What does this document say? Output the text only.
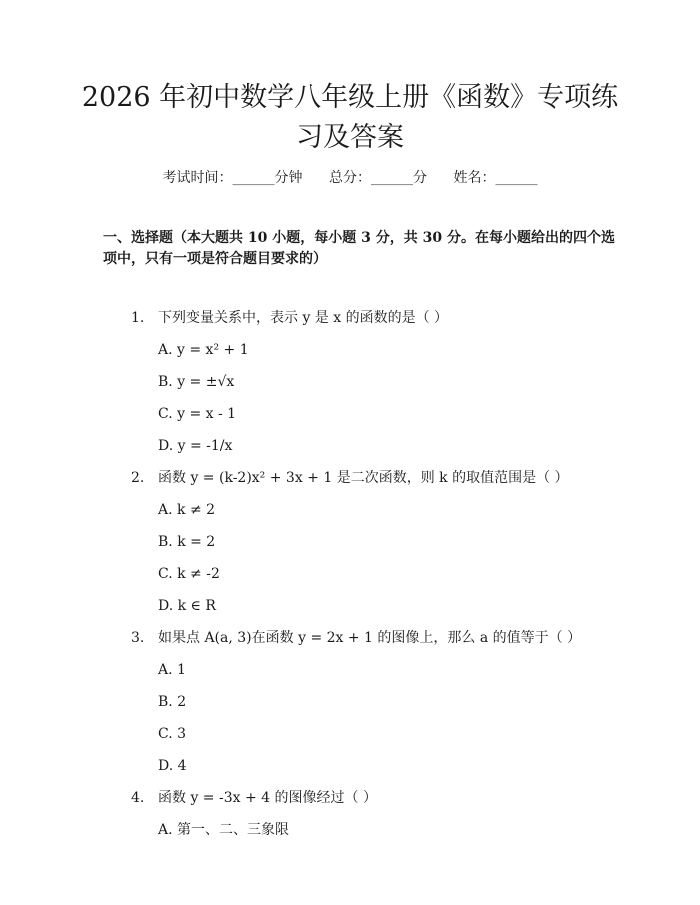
2026 年初中数学八年级上册《函数》专项练习及答案
考试时间：______分钟 总分：______分 姓名：______
一、选择题（本大题共 10 小题，每小题 3 分，共 30 分。在每小题给出的四个选项中，只有一项是符合题目要求的）
1. 下列变量关系中，表示 y 是 x 的函数的是（ ）
A. y = x² + 1
B. y = ±√x
C. y = x - 1
D. y = -1/x
2. 函数 y = (k-2)x² + 3x + 1 是二次函数，则 k 的取值范围是（ ）
A. k ≠ 2
B. k = 2
C. k ≠ -2
D. k ∈ R
3. 如果点 A(a, 3)在函数 y = 2x + 1 的图像上，那么 a 的值等于（ ）
A. 1
B. 2
C. 3
D. 4
4. 函数 y = -3x + 4 的图像经过（ ）
A. 第一、二、三象限
